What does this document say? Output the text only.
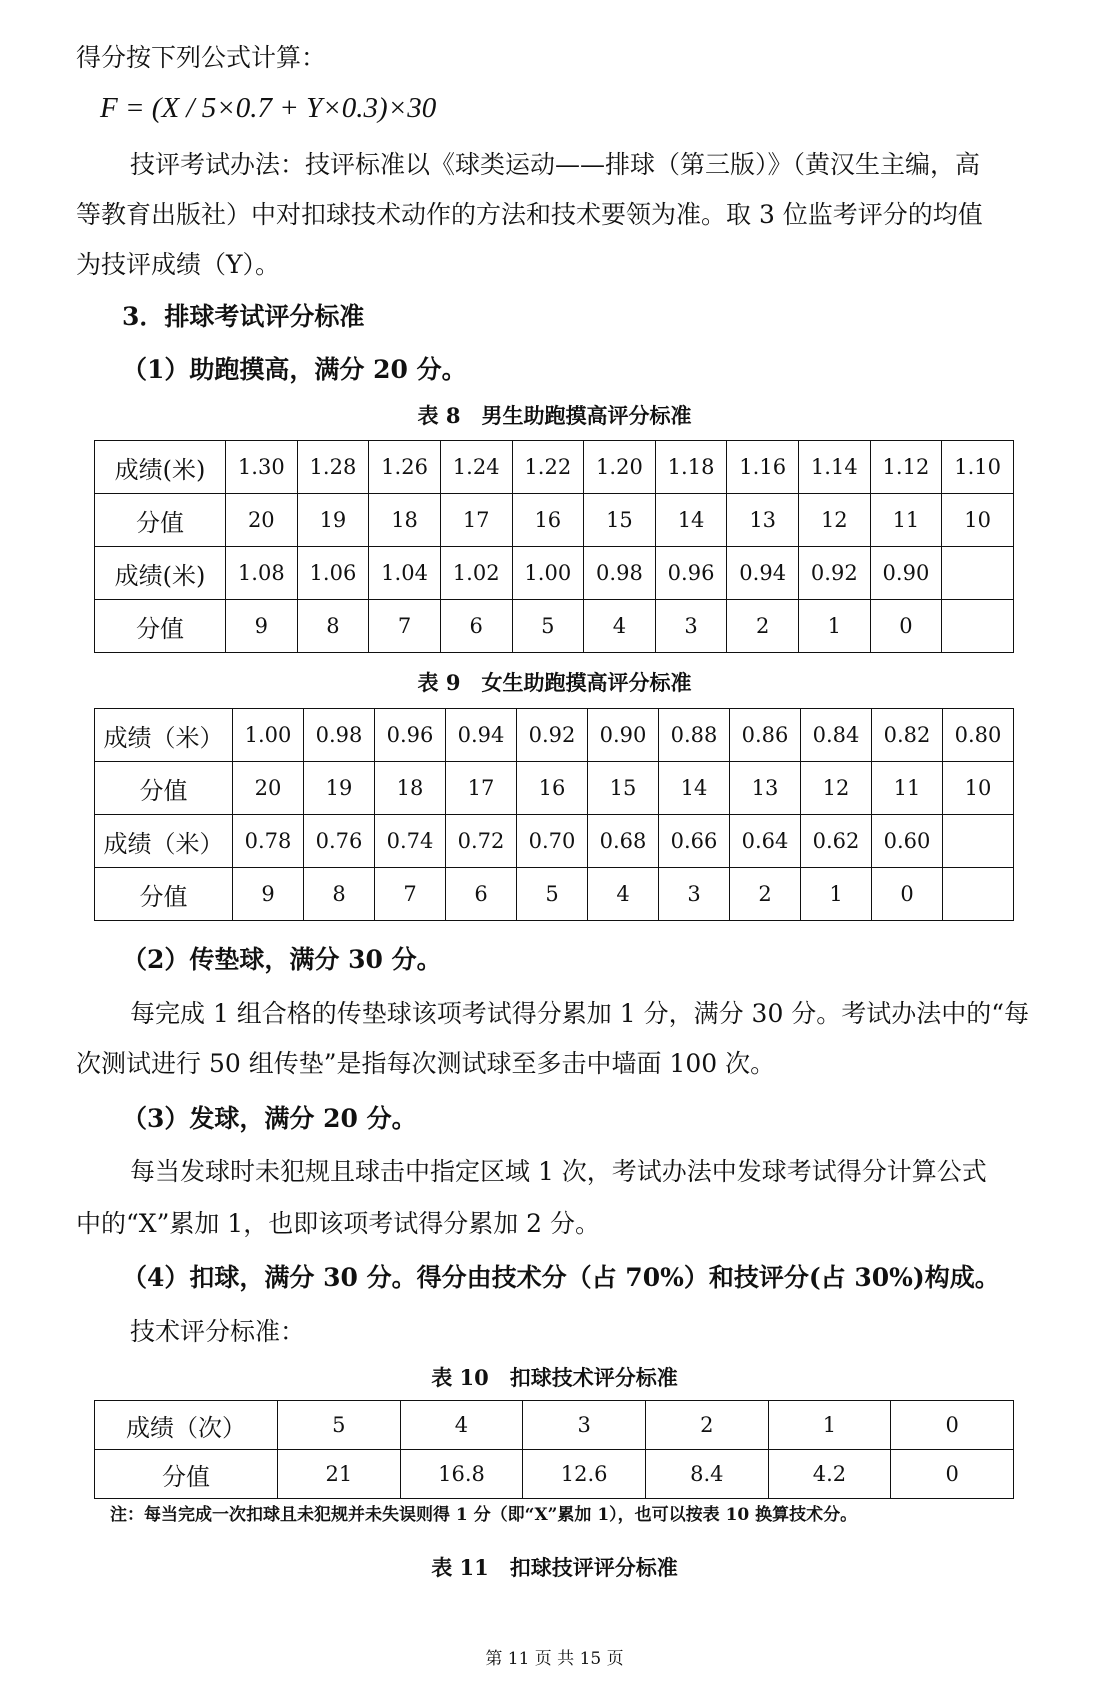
得分按下列公式计算：
F = (X / 5×0.7 + Y×0.3)×30
技评考试办法：技评标准以《球类运动——排球（第三版）》（黄汉生主编，高
等教育出版社）中对扣球技术动作的方法和技术要领为准。取 3 位监考评分的均值
为技评成绩（Y）。
3．排球考试评分标准
（1）助跑摸高，满分 20 分。
表 8　男生助跑摸高评分标准
成绩(米)	1.30	1.28	1.26	1.24	1.22	1.20	1.18	1.16	1.14	1.12	1.10
分值	20	19	18	17	16	15	14	13	12	11	10
成绩(米)	1.08	1.06	1.04	1.02	1.00	0.98	0.96	0.94	0.92	0.90	
分值	9	8	7	6	5	4	3	2	1	0	
表 9　女生助跑摸高评分标准
成绩（米）	1.00	0.98	0.96	0.94	0.92	0.90	0.88	0.86	0.84	0.82	0.80
分值	20	19	18	17	16	15	14	13	12	11	10
成绩（米）	0.78	0.76	0.74	0.72	0.70	0.68	0.66	0.64	0.62	0.60	
分值	9	8	7	6	5	4	3	2	1	0	
（2）传垫球，满分 30 分。
每完成 1 组合格的传垫球该项考试得分累加 1 分，满分 30 分。考试办法中的“每
次测试进行 50 组传垫”是指每次测试球至多击中墙面 100 次。
（3）发球，满分 20 分。
每当发球时未犯规且球击中指定区域 1 次，考试办法中发球考试得分计算公式
中的“X”累加 1，也即该项考试得分累加 2 分。
（4）扣球，满分 30 分。得分由技术分（占 70%）和技评分(占 30%)构成。
技术评分标准：
表 10　扣球技术评分标准
成绩（次）	5	4	3	2	1	0
分值	21	16.8	12.6	8.4	4.2	0
注：每当完成一次扣球且未犯规并未失误则得 1 分（即“X”累加 1），也可以按表 10 换算技术分。
表 11　扣球技评评分标准
第 11 页 共 15 页
